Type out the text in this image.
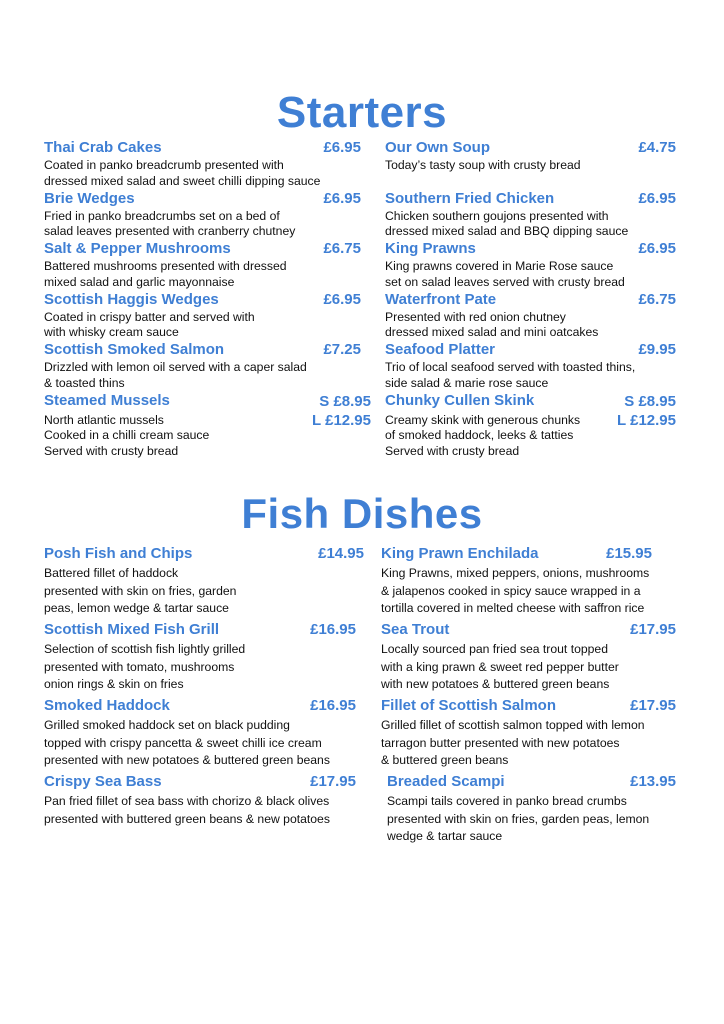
Starters
Thai Crab Cakes	£6.95
Coated in panko breadcrumb presented with
dressed mixed salad and sweet chilli dipping sauce
Brie Wedges	£6.95
Fried in panko breadcrumbs set on a bed of
salad leaves presented with cranberry chutney
Salt & Pepper Mushrooms	£6.75
Battered mushrooms presented with dressed
mixed salad and garlic mayonnaise
Scottish Haggis Wedges	£6.95
Coated in crispy batter and served with
with whisky cream sauce
Scottish Smoked Salmon	£7.25
Drizzled with lemon oil served with a caper salad
& toasted thins
Steamed Mussels	S £8.95
L £12.95
North atlantic mussels
Cooked in a chilli cream sauce
Served with crusty bread
Our Own Soup	£4.75
Today’s tasty soup with crusty bread
Southern Fried Chicken	£6.95
Chicken southern goujons presented with
dressed mixed salad and BBQ dipping sauce
King Prawns	£6.95
King prawns covered in Marie Rose sauce
set on salad leaves served with crusty bread
Waterfront Pate	£6.75
Presented with red onion chutney
dressed mixed salad and mini oatcakes
Seafood Platter	£9.95
Trio of local seafood served with toasted thins,
side salad & marie rose sauce
Chunky Cullen Skink	S £8.95
L £12.95
Creamy skink with generous chunks
of smoked haddock, leeks & tatties
Served with crusty bread
Fish Dishes
Posh Fish and Chips	£14.95
Battered fillet of haddock
presented with skin on fries, garden
peas, lemon wedge & tartar sauce
Scottish Mixed Fish Grill	£16.95
Selection of scottish fish lightly grilled
presented with tomato, mushrooms
onion rings & skin on fries
Smoked Haddock	£16.95
Grilled smoked haddock set on black pudding
topped with crispy pancetta & sweet chilli ice cream
presented with new potatoes & buttered green beans
Crispy Sea Bass	£17.95
Pan fried fillet of sea bass with chorizo & black olives
presented with buttered green beans & new potatoes
King Prawn Enchilada	£15.95
King Prawns, mixed peppers, onions, mushrooms
& jalapenos cooked in spicy sauce wrapped in a
tortilla covered in melted cheese with saffron rice
Sea Trout	£17.95
Locally sourced pan fried sea trout topped
with a king prawn & sweet red pepper butter
with new potatoes & buttered green beans
Fillet of Scottish Salmon	£17.95
Grilled fillet of scottish salmon topped with lemon
tarragon butter presented with new potatoes
& buttered green beans
Breaded Scampi	£13.95
Scampi tails covered in panko bread crumbs
presented with skin on fries, garden peas, lemon
wedge & tartar sauce
